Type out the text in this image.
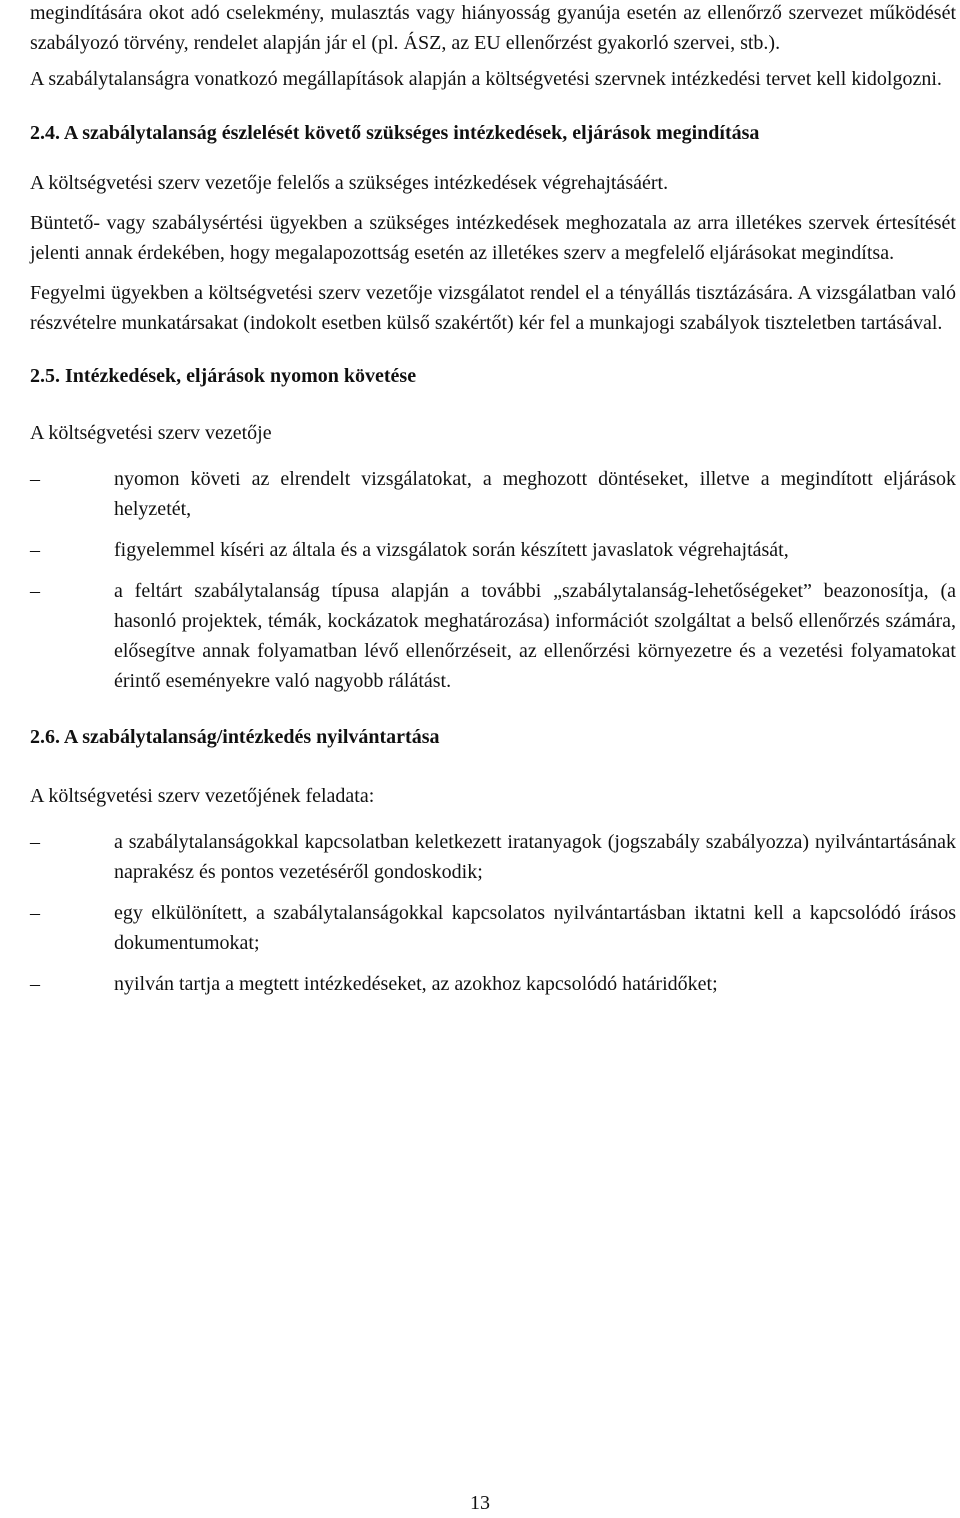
megindítására okot adó cselekmény, mulasztás vagy hiányosság gyanúja esetén az ellenőrző szervezet működését szabályozó törvény, rendelet alapján jár el (pl. ÁSZ, az EU ellenőrzést gyakorló szervei, stb.).

A szabálytalanságra vonatkozó megállapítások alapján a költségvetési szervnek intézkedési tervet kell kidolgozni.

2.4. A szabálytalanság észlelését követő szükséges intézkedések, eljárások megindítása

A költségvetési szerv vezetője felelős a szükséges intézkedések végrehajtásáért.

Büntető- vagy szabálysértési ügyekben a szükséges intézkedések meghozatala az arra illetékes szervek értesítését jelenti annak érdekében, hogy megalapozottság esetén az illetékes szerv a megfelelő eljárásokat megindítsa.

Fegyelmi ügyekben a költségvetési szerv vezetője vizsgálatot rendel el a tényállás tisztázására. A vizsgálatban való részvételre munkatársakat (indokolt esetben külső szakértőt) kér fel a munkajogi szabályok tiszteletben tartásával.

2.5. Intézkedések, eljárások nyomon követése

A költségvetési szerv vezetője

–	nyomon követi az elrendelt vizsgálatokat, a meghozott döntéseket, illetve a megindított eljárások helyzetét,
–	figyelemmel kíséri az általa és a vizsgálatok során készített javaslatok végrehajtását,
–	a feltárt szabálytalanság típusa alapján a további „szabálytalanság-lehetőségeket” beazonosítja, (a hasonló projektek, témák, kockázatok meghatározása) információt szolgáltat a belső ellenőrzés számára, elősegítve annak folyamatban lévő ellenőrzéseit, az ellenőrzési környezetre és a vezetési folyamatokat érintő eseményekre való nagyobb rálátást.
2.6. A szabálytalanság/intézkedés nyilvántartása

A költségvetési szerv vezetőjének feladata:

–	a szabálytalanságokkal kapcsolatban keletkezett iratanyagok (jogszabály szabályozza) nyilvántartásának naprakész és pontos vezetéséről gondoskodik;
–	egy elkülönített, a szabálytalanságokkal kapcsolatos nyilvántartásban iktatni kell a kapcsolódó írásos dokumentumokat;
–	nyilván tartja a megtett intézkedéseket, az azokhoz kapcsolódó határidőket;
13
